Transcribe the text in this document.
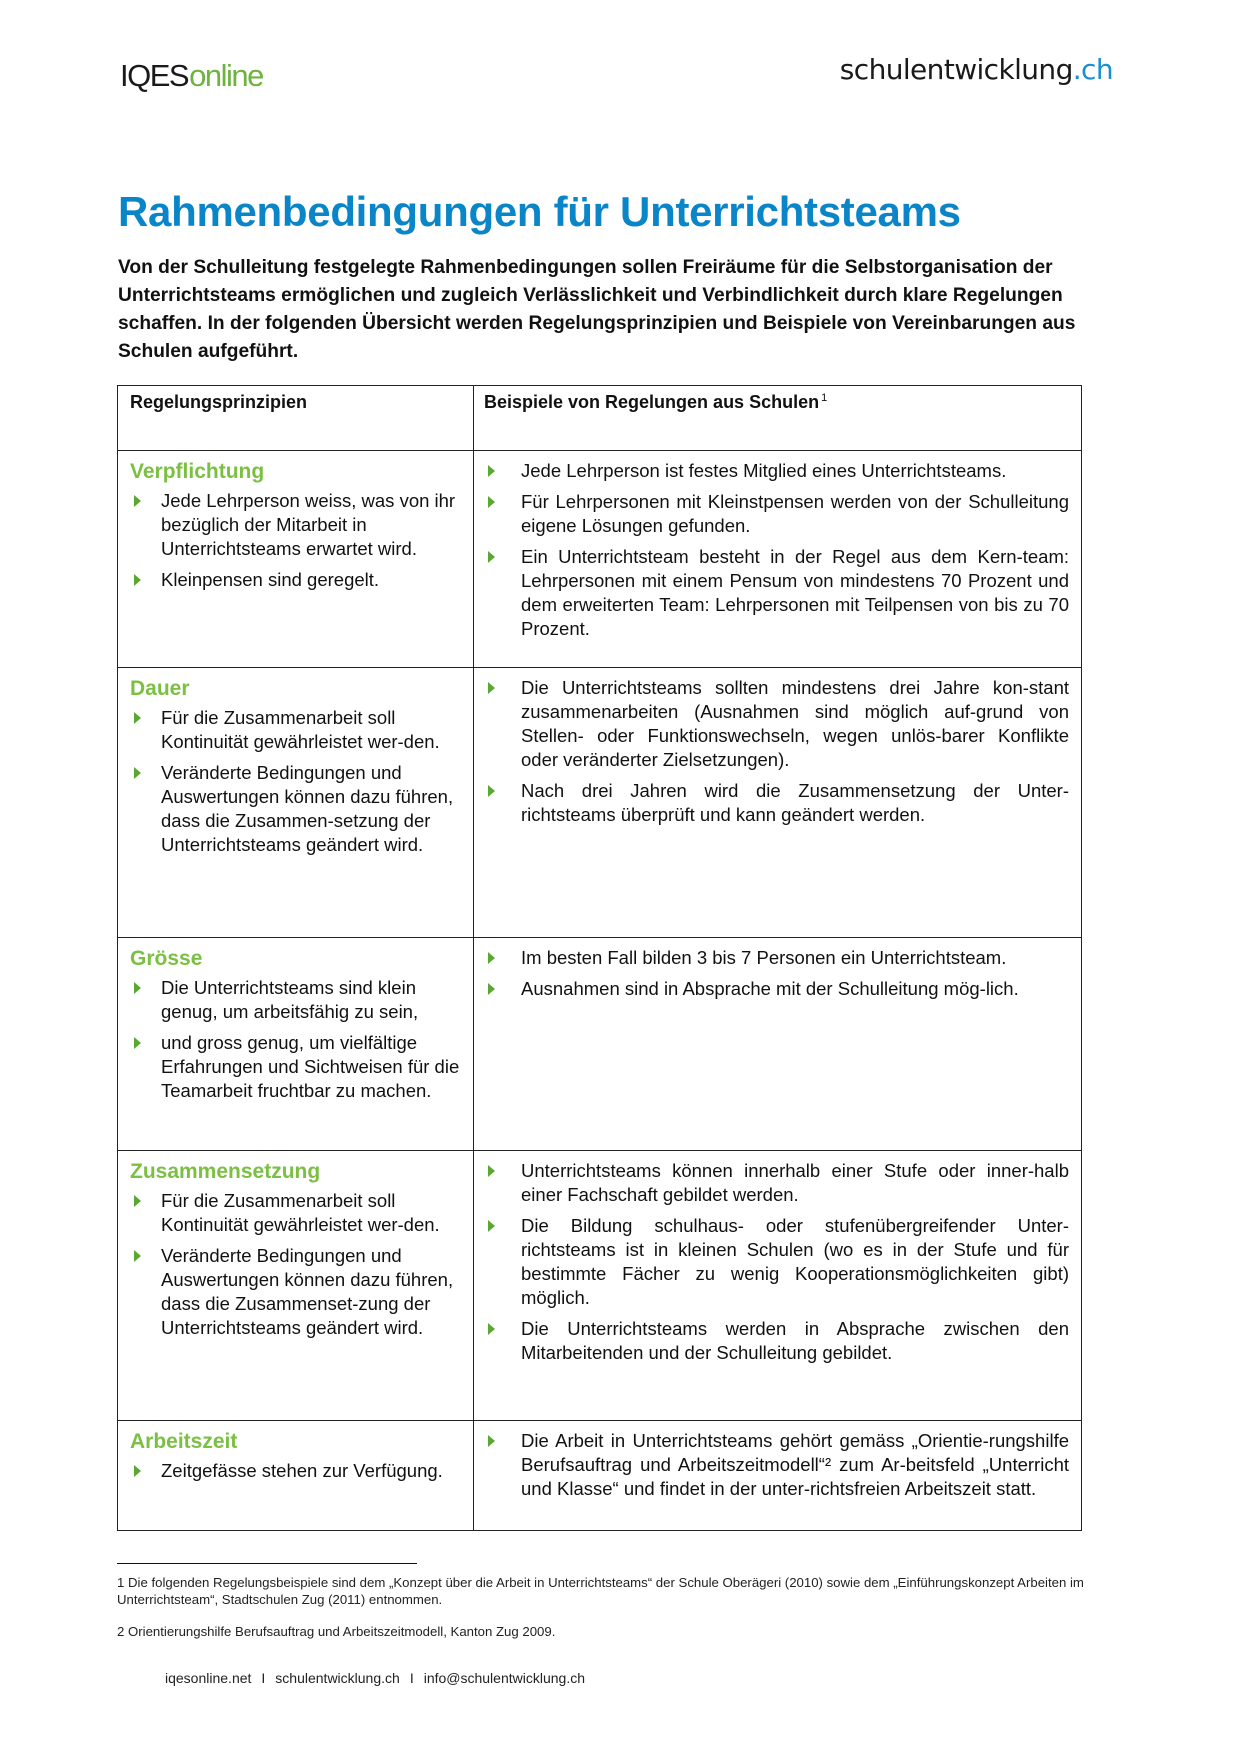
IQESonline	schulentwicklung.ch
Rahmenbedingungen für Unterrichtsteams

Von der Schulleitung festgelegte Rahmenbedingungen sollen Freiräume für die Selbstorganisation der Unterrichtsteams ermöglichen und zugleich Verlässlichkeit und Verbindlichkeit durch klare Regelungen schaffen. In der folgenden Übersicht werden Regelungsprinzipien und Beispiele von Vereinbarungen aus Schulen aufgeführt.

Regelungsprinzipien	Beispiele von Regelungen aus Schulen $^1$
Verpflichtung
Jede Lehrperson weiss, was von ihr bezüglich der Mitarbeit in Unterrichtsteams erwartet wird.
Kleinpensen sind geregelt.
Jede Lehrperson ist festes Mitglied eines Unterrichtsteams.
Für Lehrpersonen mit Kleinstpensen werden von der Schulleitung eigene Lösungen gefunden.
Ein Unterrichtsteam besteht in der Regel aus dem Kern-team: Lehrpersonen mit einem Pensum von mindestens 70 Prozent und dem erweiterten Team: Lehrpersonen mit Teilpensen von bis zu 70 Prozent.
Dauer
Für die Zusammenarbeit soll Kontinuität gewährleistet wer-den.
Veränderte Bedingungen und Auswertungen können dazu führen, dass die Zusammen-setzung der Unterrichtsteams geändert wird.
Die Unterrichtsteams sollten mindestens drei Jahre kon-stant zusammenarbeiten (Ausnahmen sind möglich auf-grund von Stellen- oder Funktionswechseln, wegen unlös-barer Konflikte oder veränderter Zielsetzungen).
Nach drei Jahren wird die Zusammensetzung der Unter-richtsteams überprüft und kann geändert werden.
Grösse
Die Unterrichtsteams sind klein genug, um arbeitsfähig zu sein,
und gross genug, um vielfältige Erfahrungen und Sichtweisen für die Teamarbeit fruchtbar zu machen.
Im besten Fall bilden 3 bis 7 Personen ein Unterrichtsteam.
Ausnahmen sind in Absprache mit der Schulleitung mög-lich.
Zusammensetzung
Für die Zusammenarbeit soll Kontinuität gewährleistet wer-den.
Veränderte Bedingungen und Auswertungen können dazu führen, dass die Zusammenset-zung der Unterrichtsteams geändert wird.
Unterrichtsteams können innerhalb einer Stufe oder inner-halb einer Fachschaft gebildet werden.
Die Bildung schulhaus- oder stufenübergreifender Unter-richtsteams ist in kleinen Schulen (wo es in der Stufe und für bestimmte Fächer zu wenig Kooperationsmöglichkeiten gibt) möglich.
Die Unterrichtsteams werden in Absprache zwischen den Mitarbeitenden und der Schulleitung gebildet.
Arbeitszeit
Zeitgefässe stehen zur Verfügung.
Die Arbeit in Unterrichtsteams gehört gemäss „Orientie-rungshilfe Berufsauftrag und Arbeitszeitmodell“² zum Ar-beitsfeld „Unterricht und Klasse“ und findet in der unter-richtsfreien Arbeitszeit statt.

1 Die folgenden Regelungsbeispiele sind dem „Konzept über die Arbeit in Unterrichtsteams“ der Schule Oberägeri (2010) sowie dem „Einführungskonzept Arbeiten im Unterrichtsteam“, Stadtschulen Zug (2011) entnommen.

2 Orientierungshilfe Berufsauftrag und Arbeitszeitmodell, Kanton Zug 2009.

iqesonline.net I schulentwicklung.ch I info@schulentwicklung.ch
